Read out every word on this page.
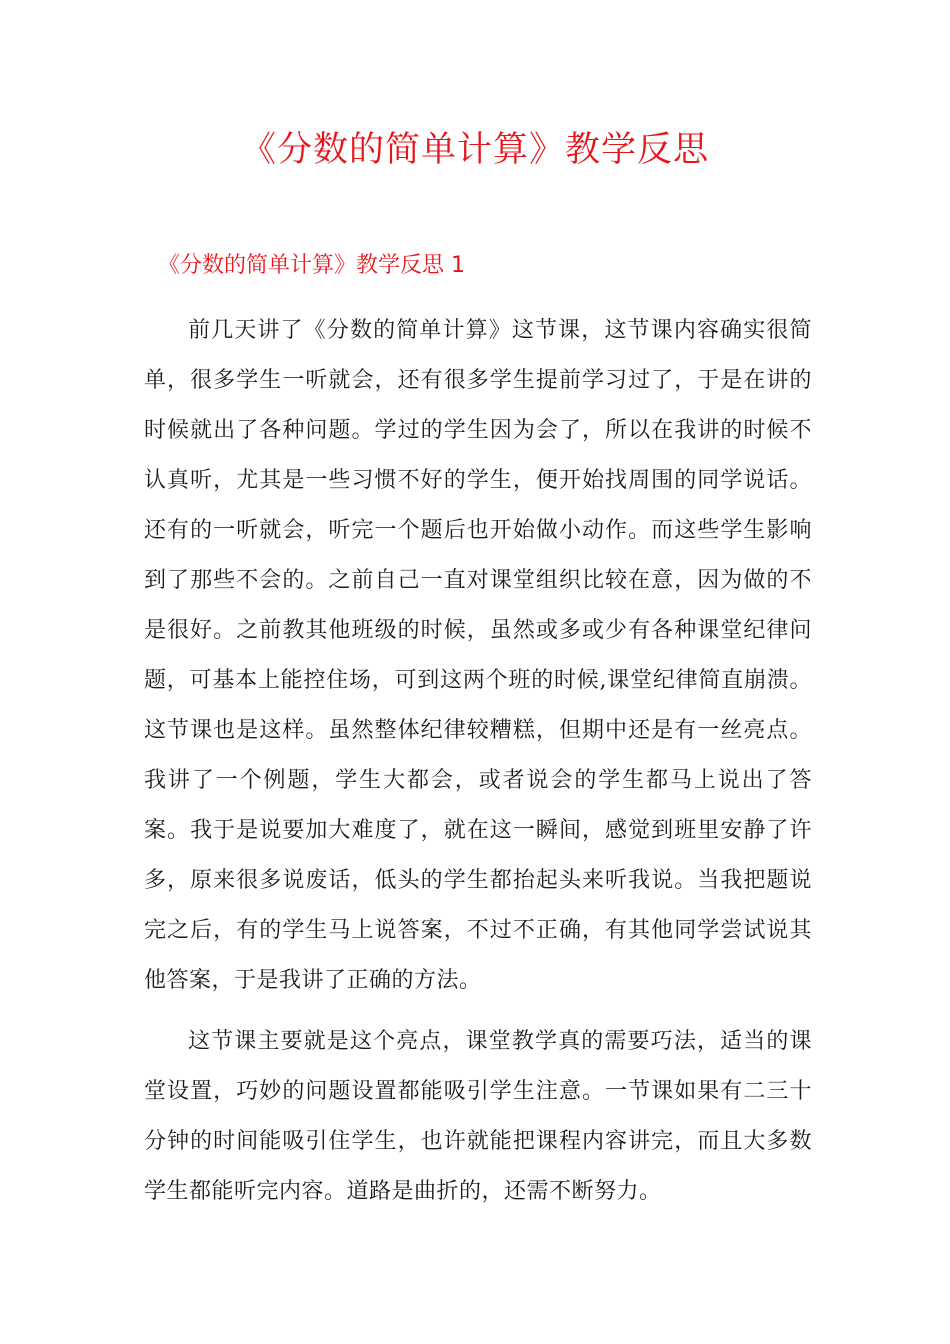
《分数的简单计算》教学反思
《分数的简单计算》教学反思 1

前几天讲了《分数的简单计算》这节课，这节课内容确实很简单，很多学生一听就会，还有很多学生提前学习过了，于是在讲的时候就出了各种问题。学过的学生因为会了，所以在我讲的时候不认真听，尤其是一些习惯不好的学生，便开始找周围的同学说话。还有的一听就会，听完一个题后也开始做小动作。而这些学生影响到了那些不会的。之前自己一直对课堂组织比较在意，因为做的不是很好。之前教其他班级的时候，虽然或多或少有各种课堂纪律问题，可基本上能控住场，可到这两个班的时候,课堂纪律简直崩溃。这节课也是这样。虽然整体纪律较糟糕，但期中还是有一丝亮点。我讲了一个例题，学生大都会，或者说会的学生都马上说出了答案。我于是说要加大难度了，就在这一瞬间，感觉到班里安静了许多，原来很多说废话，低头的学生都抬起头来听我说。当我把题说完之后，有的学生马上说答案，不过不正确，有其他同学尝试说其他答案，于是我讲了正确的方法。

这节课主要就是这个亮点，课堂教学真的需要巧法，适当的课堂设置，巧妙的问题设置都能吸引学生注意。一节课如果有二三十分钟的时间能吸引住学生，也许就能把课程内容讲完，而且大多数学生都能听完内容。道路是曲折的，还需不断努力。
